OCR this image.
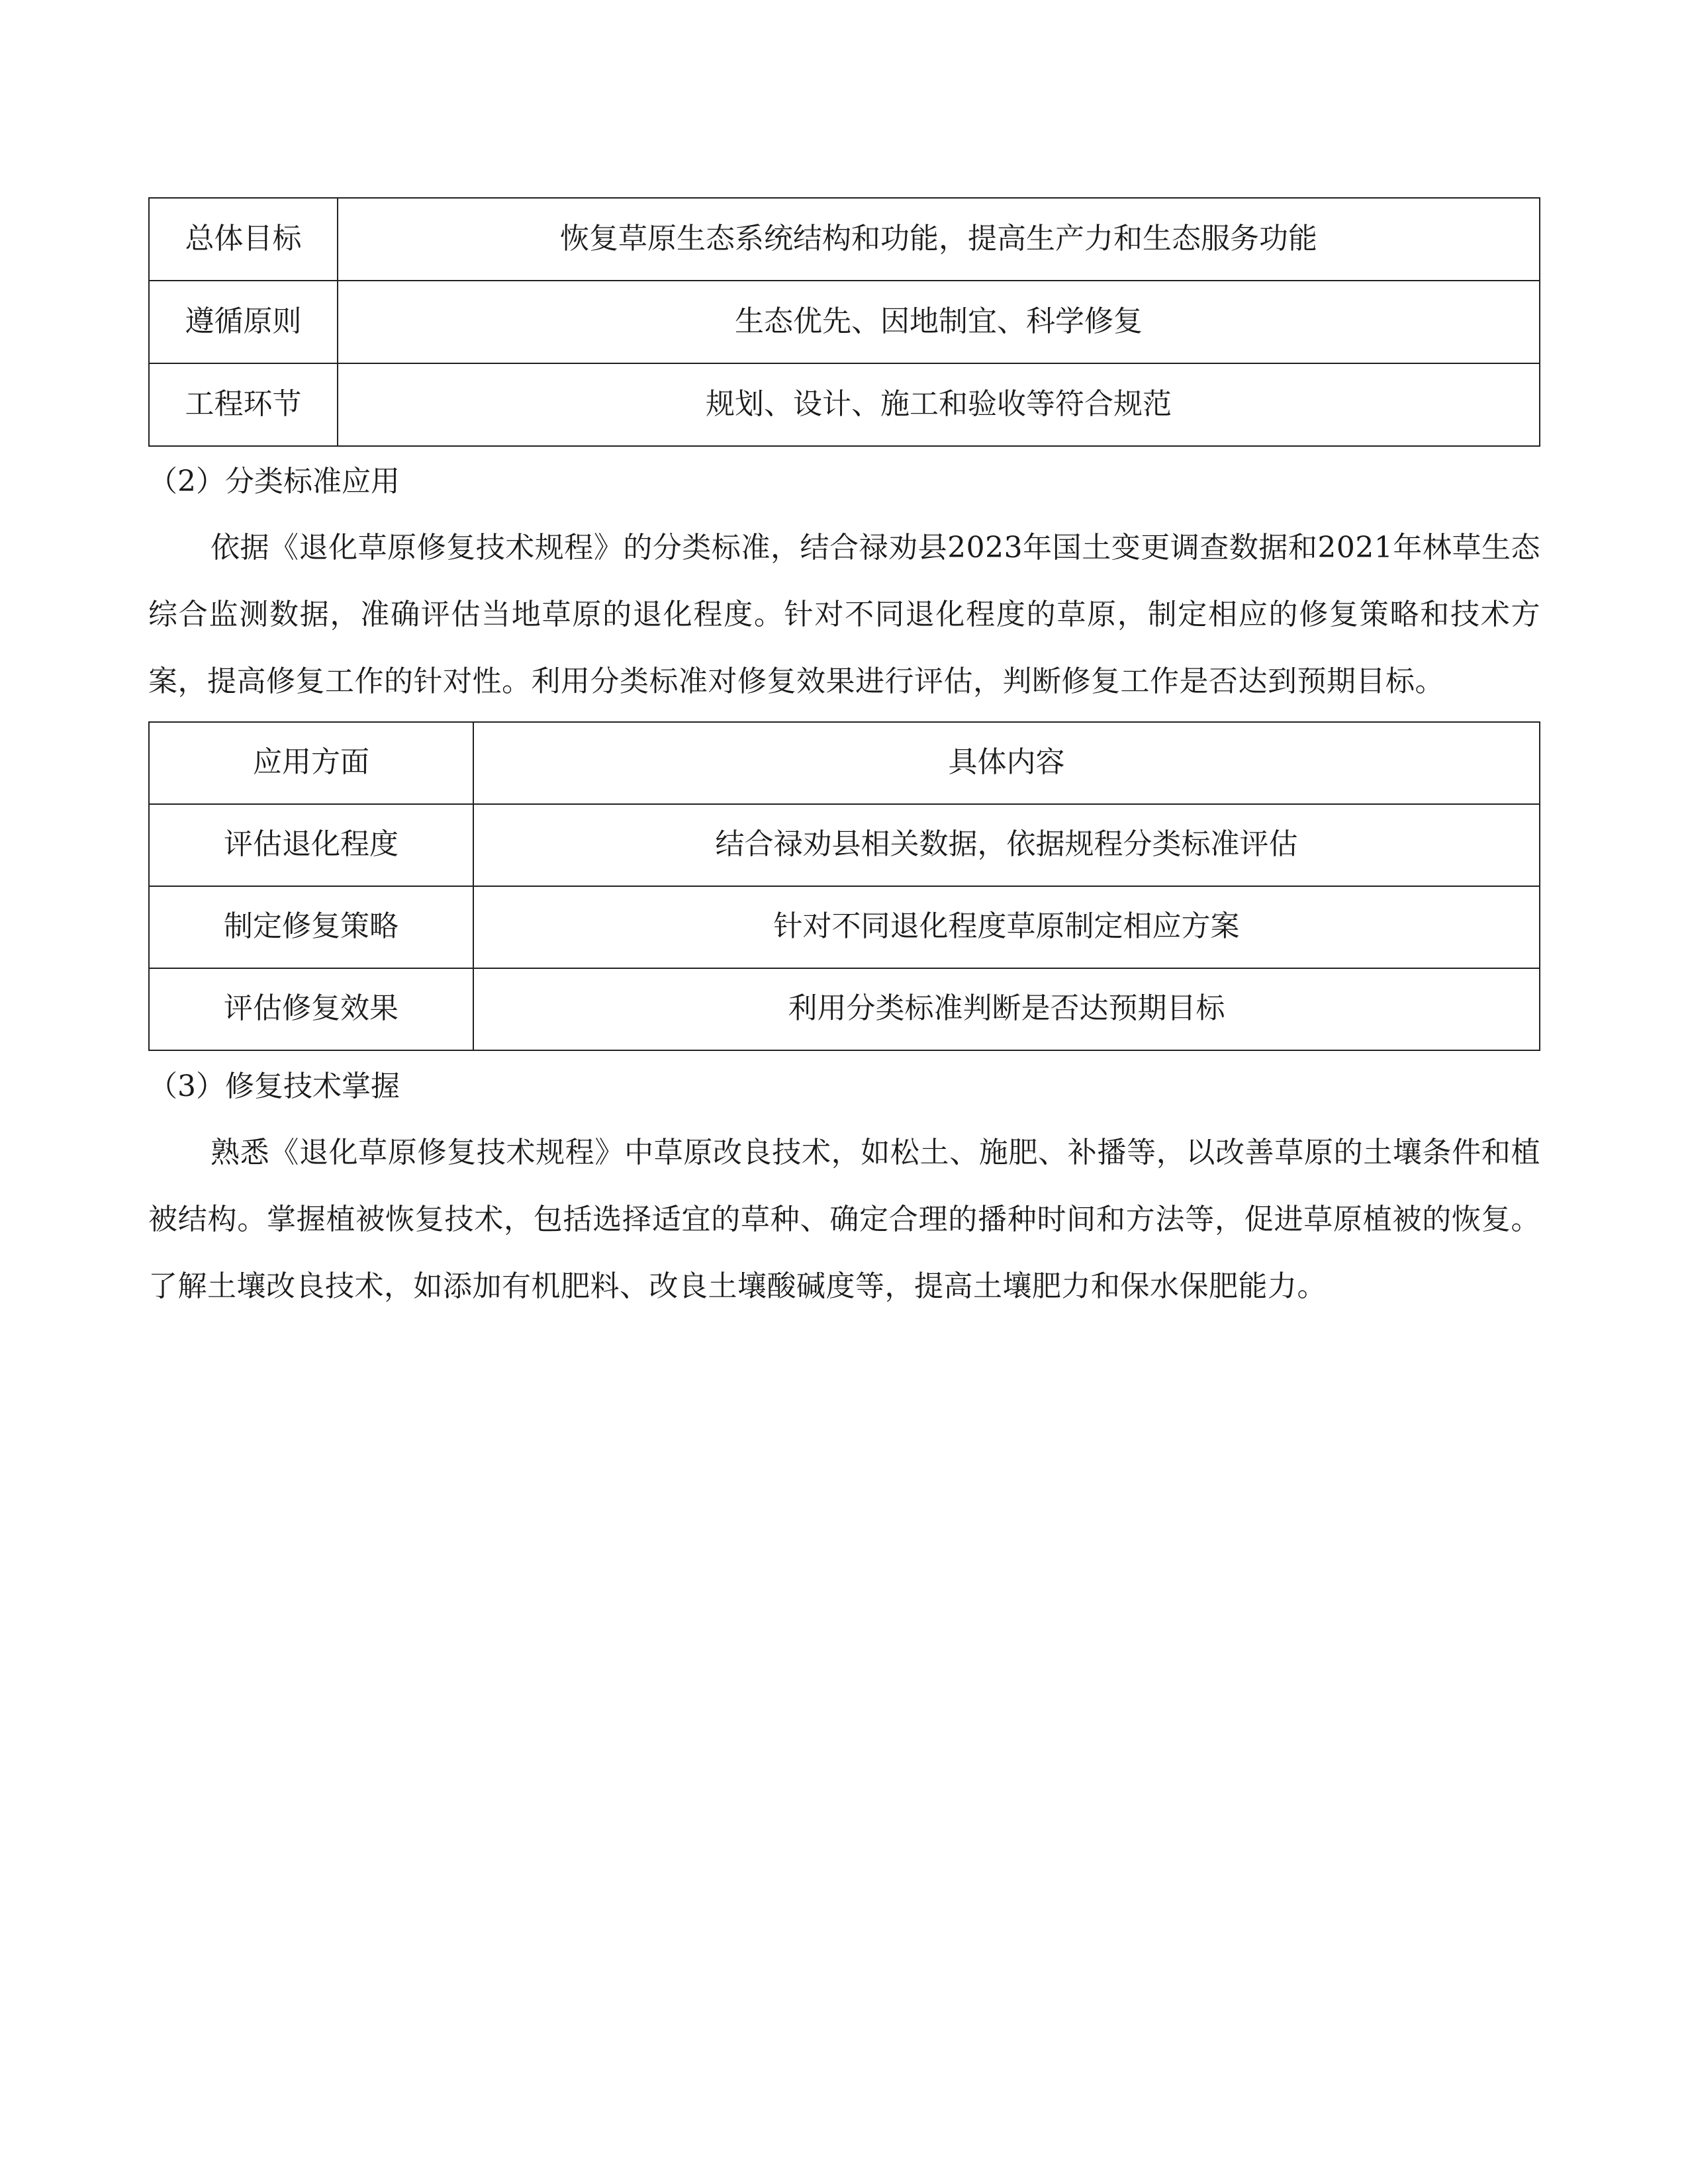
总体目标	恢复草原生态系统结构和功能，提高生产力和生态服务功能
遵循原则	生态优先、因地制宜、科学修复
工程环节	规划、设计、施工和验收等符合规范

（2）分类标准应用

依据《退化草原修复技术规程》的分类标准，结合禄劝县2023年国土变更调查数据和2021年林草生态综合监测数据，准确评估当地草原的退化程度。针对不同退化程度的草原，制定相应的修复策略和技术方案，提高修复工作的针对性。利用分类标准对修复效果进行评估，判断修复工作是否达到预期目标。

应用方面	具体内容
评估退化程度	结合禄劝县相关数据，依据规程分类标准评估
制定修复策略	针对不同退化程度草原制定相应方案
评估修复效果	利用分类标准判断是否达预期目标

（3）修复技术掌握

熟悉《退化草原修复技术规程》中草原改良技术，如松土、施肥、补播等，以改善草原的土壤条件和植被结构。掌握植被恢复技术，包括选择适宜的草种、确定合理的播种时间和方法等，促进草原植被的恢复。了解土壤改良技术，如添加有机肥料、改良土壤酸碱度等，提高土壤肥力和保水保肥能力。
